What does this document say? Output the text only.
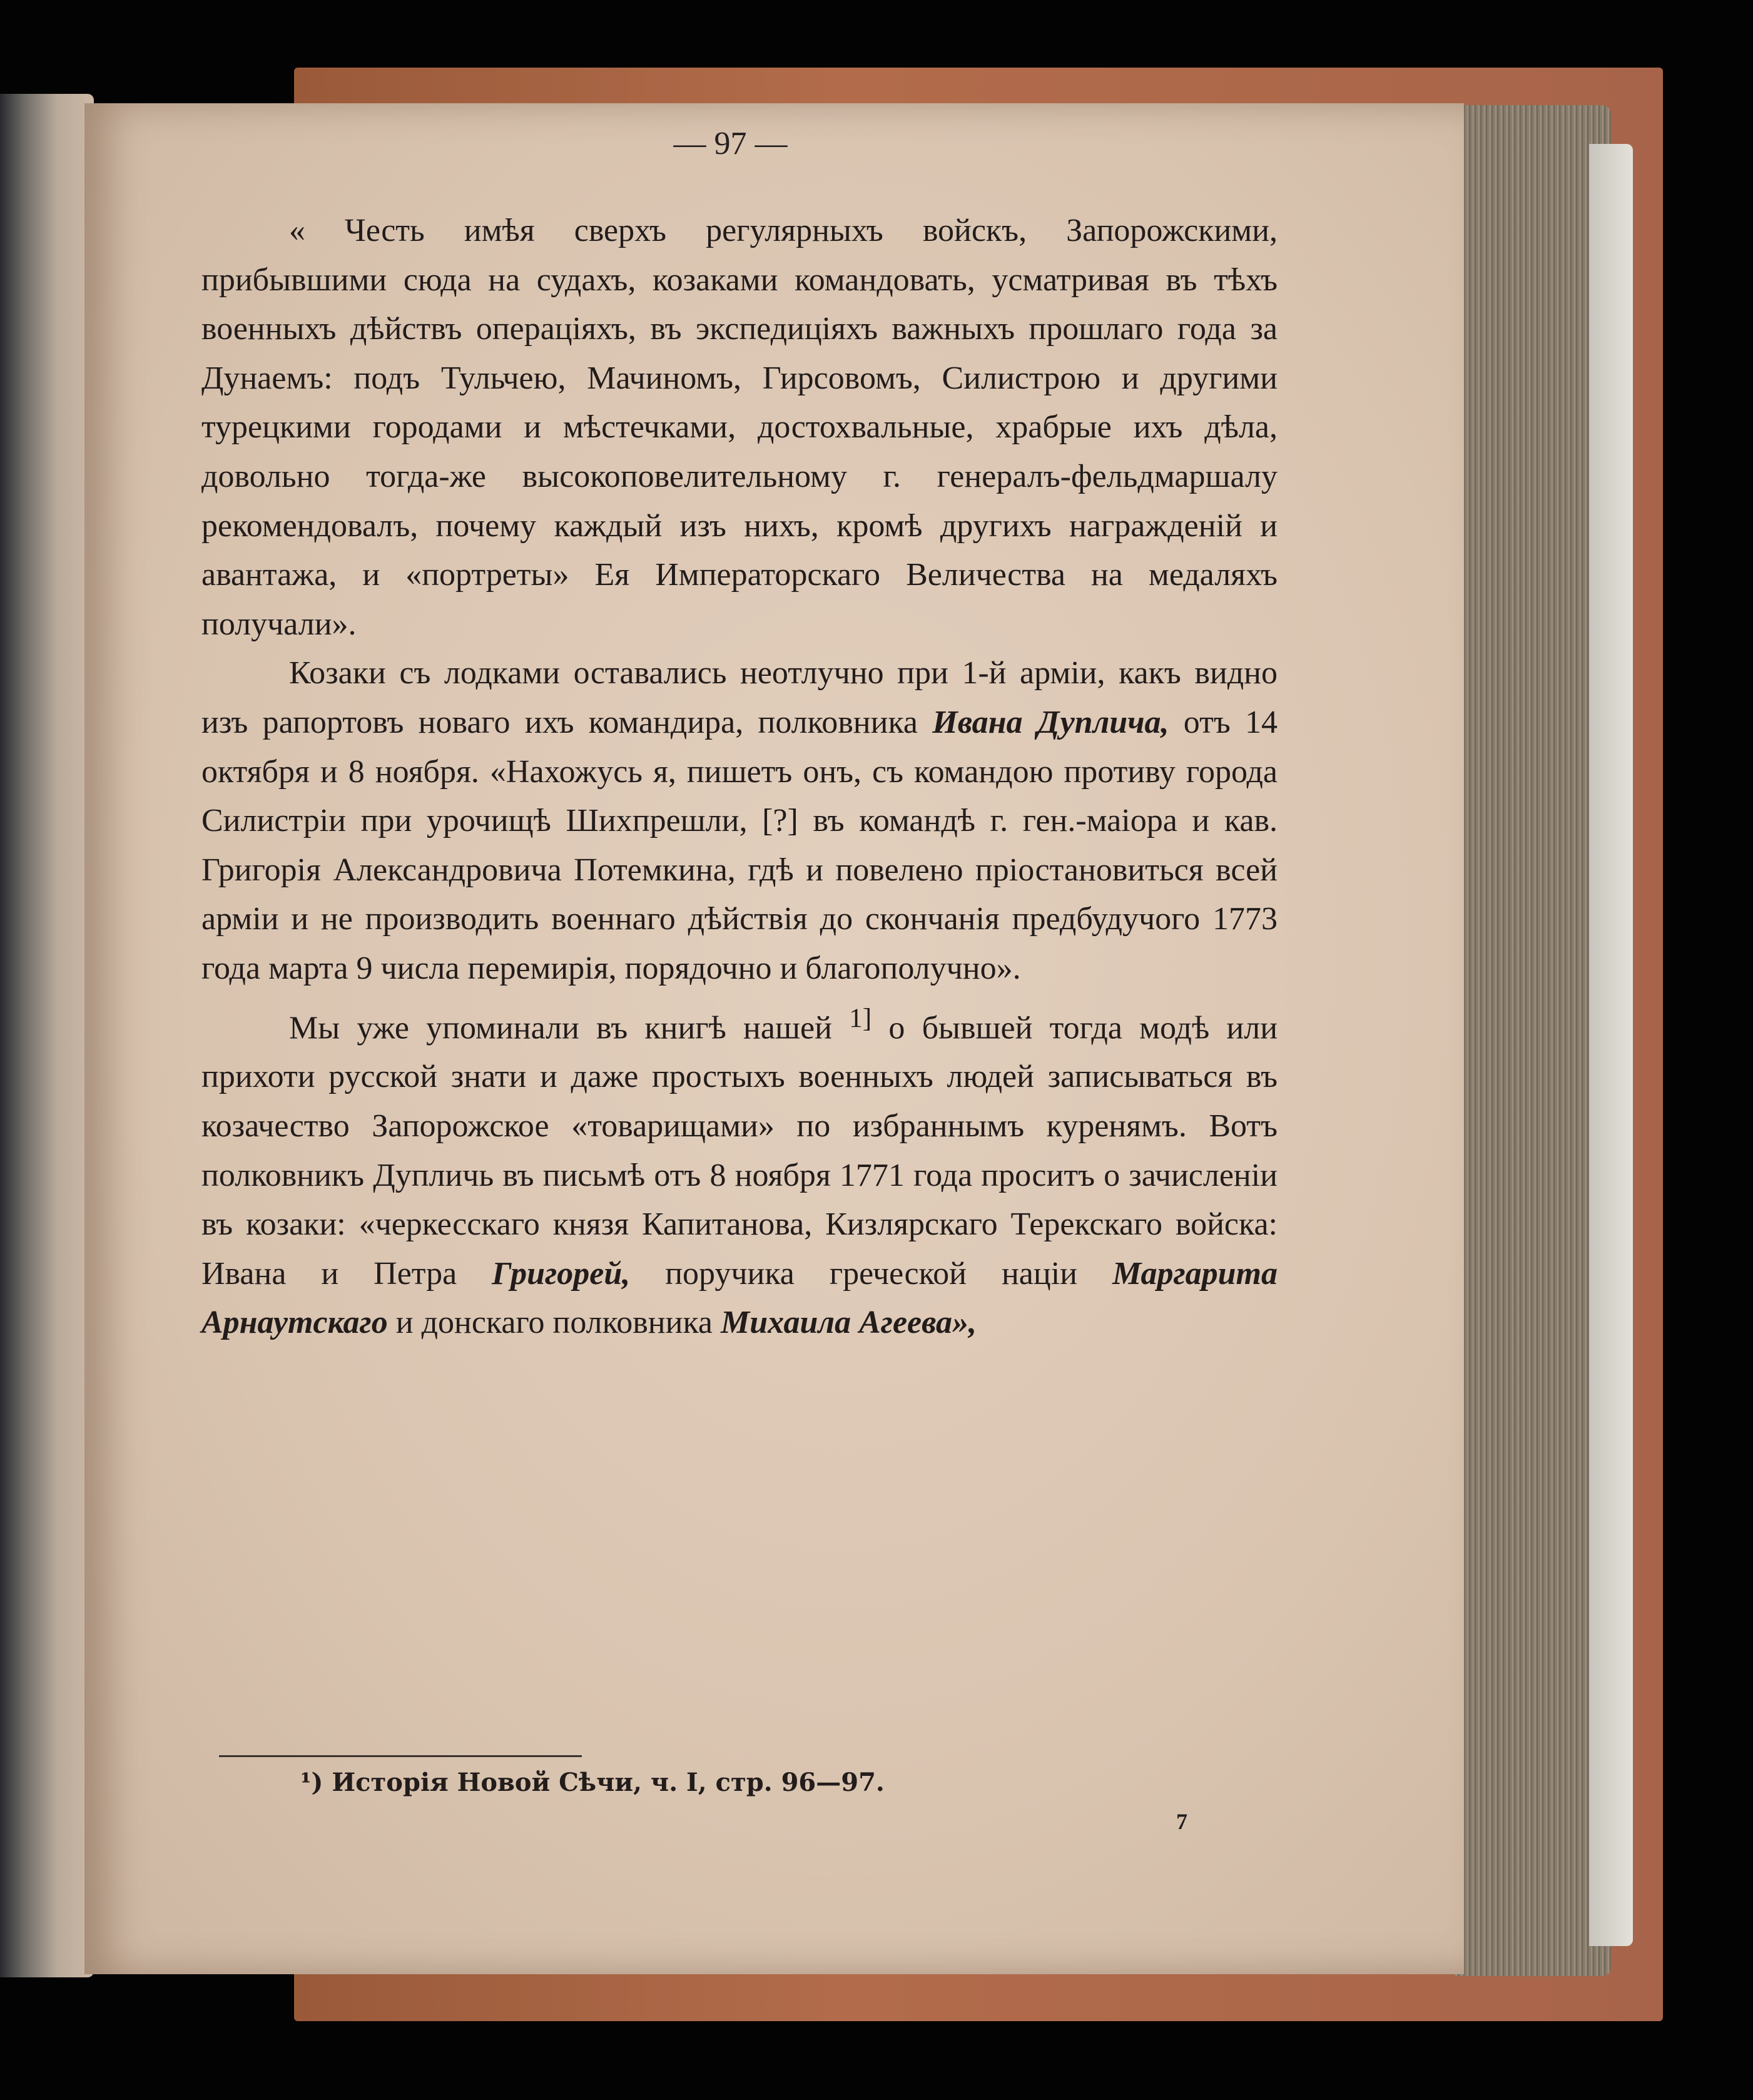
— 97 —

« Честь имѣя сверхъ регулярныхъ войскъ, Запорожскими, прибывшими сюда на судахъ, козаками командовать, усматривая въ тѣхъ военныхъ дѣйствъ операціяхъ, въ экспедиціяхъ важныхъ прошлаго года за Дунаемъ: подъ Тульчею, Мачиномъ, Гирсовомъ, Силистрою и другими турецкими городами и мѣстечками, достохвальные, храбрые ихъ дѣла, довольно тогда-же высокоповелительному г. генералъ-фельдмаршалу рекомендовалъ, почему каждый изъ нихъ, кромѣ другихъ награжденій и авантажа, и «портреты» Ея Императорскаго Величества на медаляхъ получали».

Козаки съ лодками оставались неотлучно при 1-й арміи, какъ видно изъ рапортовъ новаго ихъ командира, полковника Ивана Дупличa, отъ 14 октября и 8 ноября. «Нахожусь я, пишетъ онъ, съ командою противу города Силистріи при урочищѣ Шихпрешли, [?] въ командѣ г. ген.-маіора и кав. Григорія Александровича Потемкина, гдѣ и повелено пріостановиться всей арміи и не производить военнаго дѣйствія до скончанія предбудучого 1773 года марта 9 числа перемирія, порядочно и благополучно».

Мы уже упоминали въ книгѣ нашей $^{1]}$ о бывшей тогда модѣ или прихоти русской знати и даже простыхъ военныхъ людей записываться въ козачество Запорожское «товарищами» по избраннымъ куренямъ. Вотъ полковникъ Дупличь въ письмѣ отъ 8 ноября 1771 года проситъ о зачисленіи въ козаки: «черкесскаго князя Капитанова, Кизлярскаго Терекскаго войска: Ивана и Петра Григорей, поручика греческой націи Маргарита Арнаутскаго и донскаго полковника Михаила Агеева»,

¹) Исторія Новой Сѣчи, ч. I, стр. 96—97.
7
